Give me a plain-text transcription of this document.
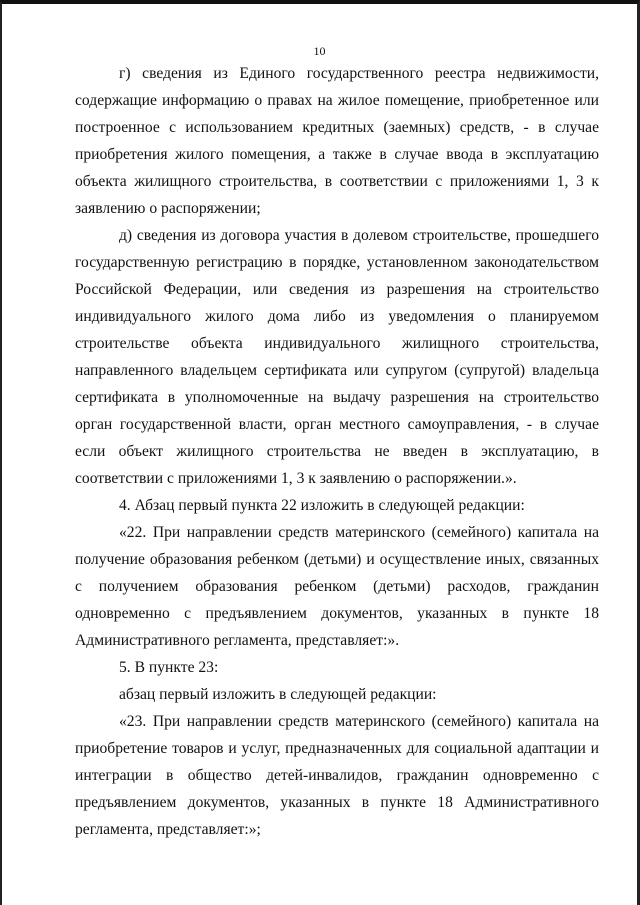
10

г) сведения из Единого государственного реестра недвижимости, содержащие информацию о правах на жилое помещение, приобретенное или построенное с использованием кредитных (заемных) средств, - в случае приобретения жилого помещения, а также в случае ввода в эксплуатацию объекта жилищного строительства, в соответствии с приложениями 1, 3 к заявлению о распоряжении;

д) сведения из договора участия в долевом строительстве, прошедшего государственную регистрацию в порядке, установленном законодательством Российской Федерации, или сведения из разрешения на строительство индивидуального жилого дома либо из уведомления о планируемом строительстве объекта индивидуального жилищного строительства, направленного владельцем сертификата или супругом (супругой) владельца сертификата в уполномоченные на выдачу разрешения на строительство орган государственной власти, орган местного самоуправления, - в случае если объект жилищного строительства не введен в эксплуатацию, в соответствии с приложениями 1, 3 к заявлению о распоряжении.».

4. Абзац первый пункта 22 изложить в следующей редакции:

«22. При направлении средств материнского (семейного) капитала на получение образования ребенком (детьми) и осуществление иных, связанных с получением образования ребенком (детьми) расходов, гражданин одновременно с предъявлением документов, указанных в пункте 18 Административного регламента, представляет:».

5. В пункте 23:

абзац первый изложить в следующей редакции:

«23. При направлении средств материнского (семейного) капитала на приобретение товаров и услуг, предназначенных для социальной адаптации и интеграции в общество детей-инвалидов, гражданин одновременно с предъявлением документов, указанных в пункте 18 Административного регламента, представляет:»;
